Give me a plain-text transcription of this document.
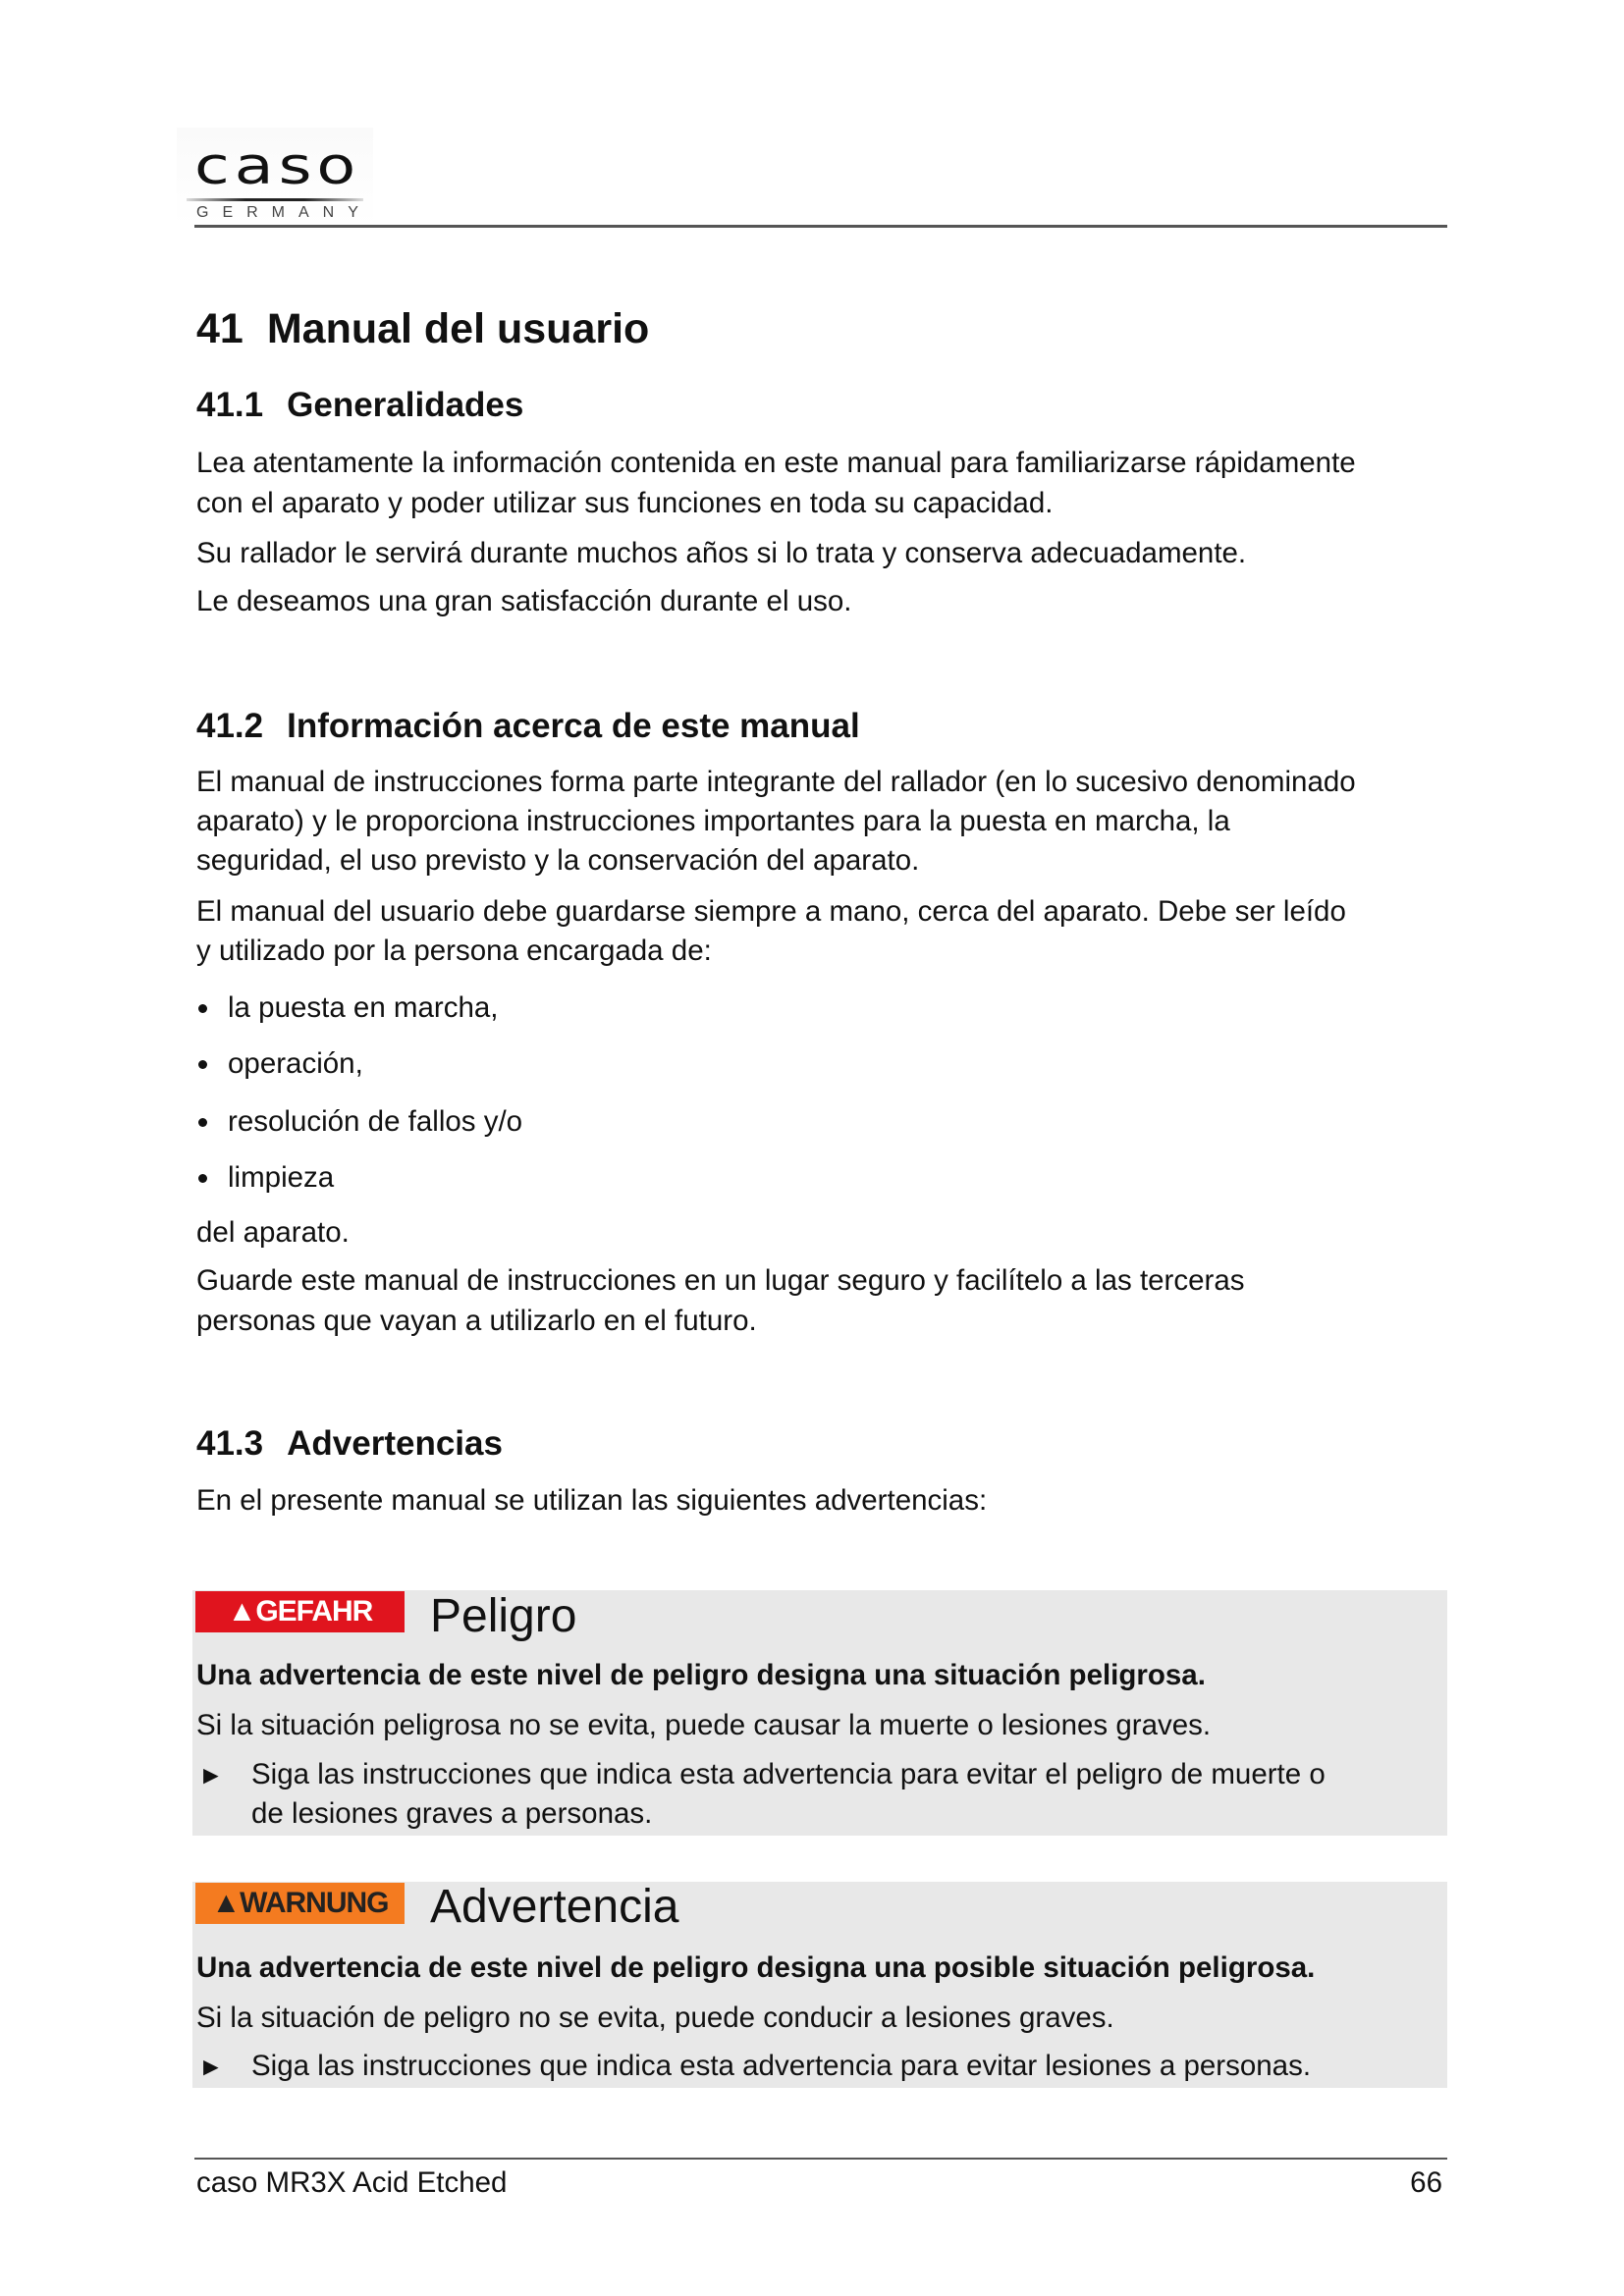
caso
GERMANY
41 Manual del usuario
41.1 Generalidades
Lea atentamente la información contenida en este manual para familiarizarse rápidamente
con el aparato y poder utilizar sus funciones en toda su capacidad.
Su rallador le servirá durante muchos años si lo trata y conserva adecuadamente.
Le deseamos una gran satisfacción durante el uso.
41.2 Información acerca de este manual
El manual de instrucciones forma parte integrante del rallador (en lo sucesivo denominado
aparato) y le proporciona instrucciones importantes para la puesta en marcha, la
seguridad, el uso previsto y la conservación del aparato.
El manual del usuario debe guardarse siempre a mano, cerca del aparato. Debe ser leído
y utilizado por la persona encargada de:
la puesta en marcha,
operación,
resolución de fallos y/o
limpieza
del aparato.
Guarde este manual de instrucciones en un lugar seguro y facilítelo a las terceras
personas que vayan a utilizarlo en el futuro.
41.3 Advertencias
En el presente manual se utilizan las siguientes advertencias:
▲GEFAHR	Peligro
Una advertencia de este nivel de peligro designa una situación peligrosa.
Si la situación peligrosa no se evita, puede causar la muerte o lesiones graves.
► Siga las instrucciones que indica esta advertencia para evitar el peligro de muerte o
de lesiones graves a personas.
▲WARNUNG Advertencia
Una advertencia de este nivel de peligro designa una posible situación peligrosa.
Si la situación de peligro no se evita, puede conducir a lesiones graves.
► Siga las instrucciones que indica esta advertencia para evitar lesiones a personas.
caso MR3X Acid Etched	66
